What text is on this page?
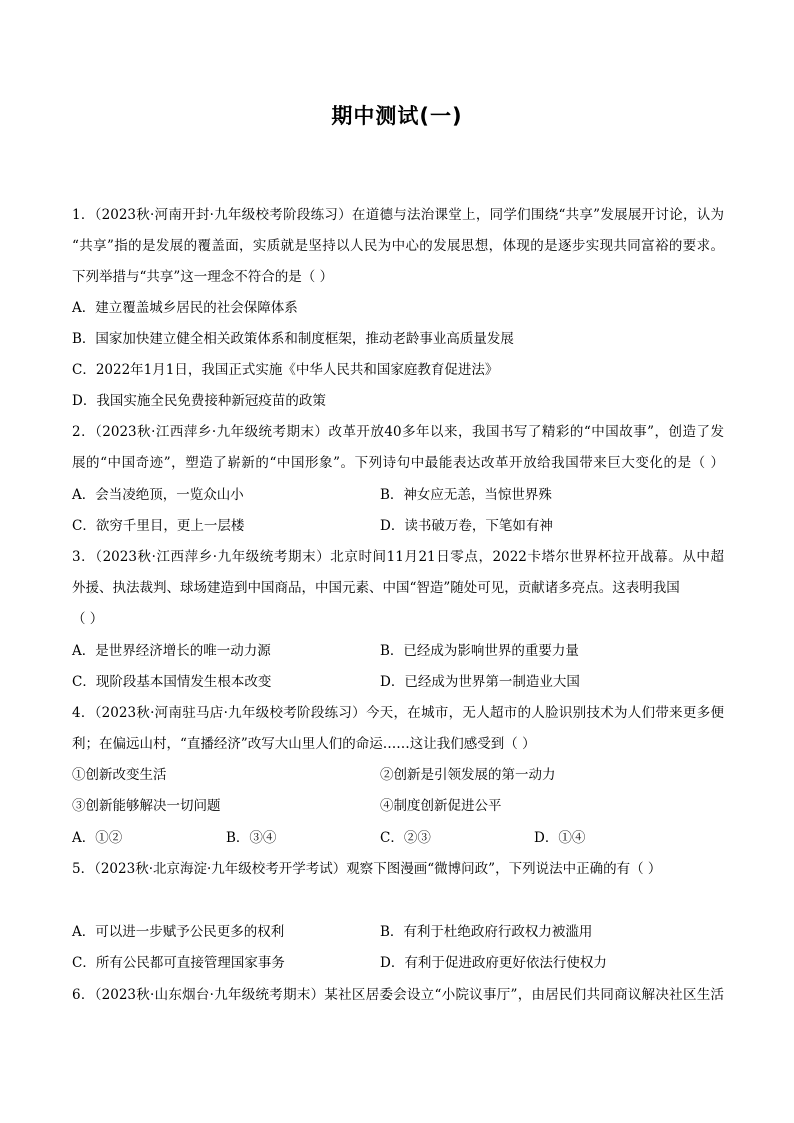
期中测试(一)
1．（2023秋·河南开封·九年级校考阶段练习）在道德与法治课堂上，同学们围绕“共享”发展展开讨论，认为
“共享”指的是发展的覆盖面，实质就是坚持以人民为中心的发展思想，体现的是逐步实现共同富裕的要求。
下列举措与“共享”这一理念不符合的是（ ）
A．建立覆盖城乡居民的社会保障体系
B．国家加快建立健全相关政策体系和制度框架，推动老龄事业高质量发展
C．2022年1月1日，我国正式实施《中华人民共和国家庭教育促进法》
D．我国实施全民免费接种新冠疫苗的政策
2．（2023秋·江西萍乡·九年级统考期末）改革开放40多年以来，我国书写了精彩的“中国故事”，创造了发
展的“中国奇迹”，塑造了崭新的“中国形象”。下列诗句中最能表达改革开放给我国带来巨大变化的是（ ）
A．会当凌绝顶，一览众山小	B．神女应无恙，当惊世界殊
C．欲穷千里目，更上一层楼	D．读书破万卷，下笔如有神
3．（2023秋·江西萍乡·九年级统考期末）北京时间11月21日零点，2022卡塔尔世界杯拉开战幕。从中超
外援、执法裁判、球场建造到中国商品，中国元素、中国“智造”随处可见，贡献诸多亮点。这表明我国
（ ）
A．是世界经济增长的唯一动力源	B．已经成为影响世界的重要力量
C．现阶段基本国情发生根本改变	D．已经成为世界第一制造业大国
4．（2023秋·河南驻马店·九年级校考阶段练习）今天，在城市，无人超市的人脸识别技术为人们带来更多便
利；在偏远山村，“直播经济”改写大山里人们的命运……这让我们感受到（ ）
①创新改变生活	②创新是引领发展的第一动力
③创新能够解决一切问题	④制度创新促进公平
A．①②	B．③④	C．②③	D．①④
5．（2023秋·北京海淀·九年级校考开学考试）观察下图漫画“微博问政”，下列说法中正确的有（ ）
A．可以进一步赋予公民更多的权利	B．有利于杜绝政府行政权力被滥用
C．所有公民都可直接管理国家事务	D．有利于促进政府更好依法行使权力
6．（2023秋·山东烟台·九年级统考期末）某社区居委会设立“小院议事厅”，由居民们共同商议解决社区生活
